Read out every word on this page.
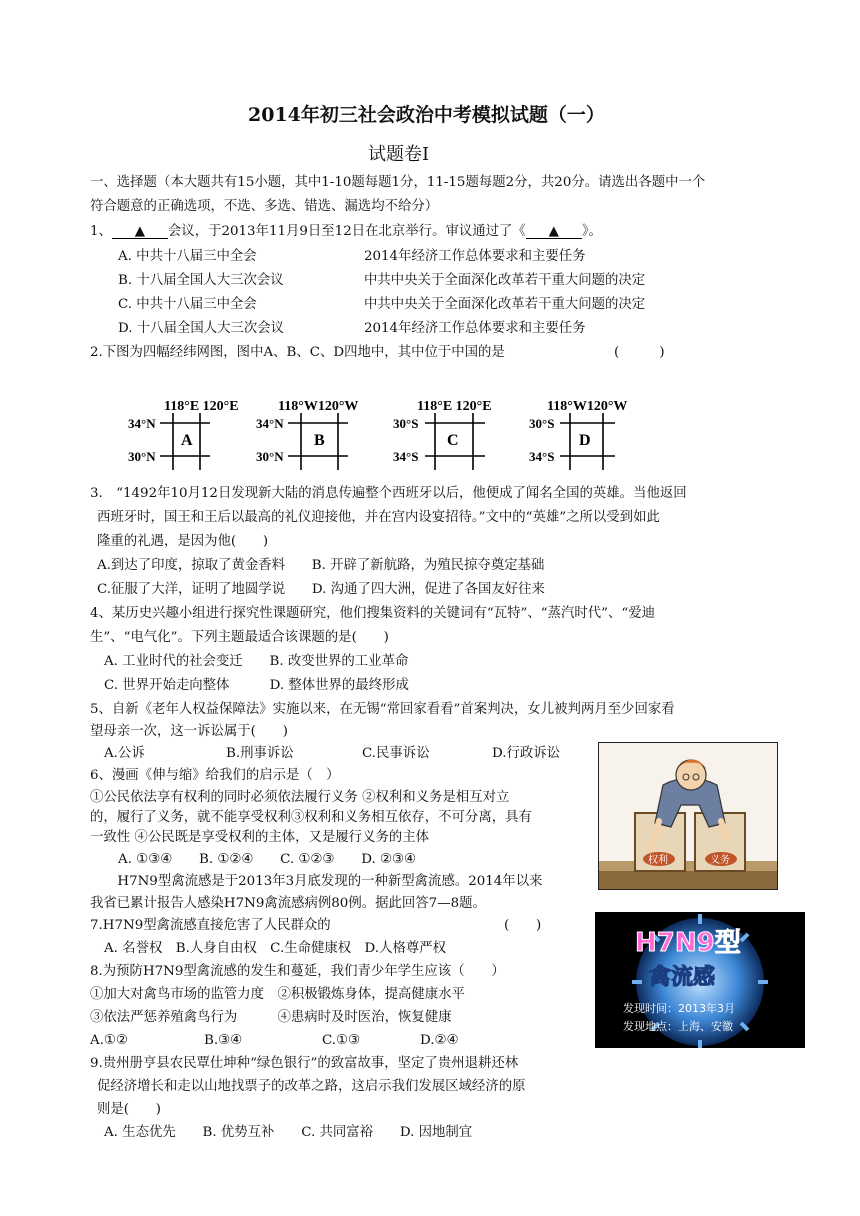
2014年初三社会政治中考模拟试题（一）
试题卷Ⅰ
一、选择题（本大题共有15小题，其中1-10题每题1分，11-15题每题2分，共20分。请选出各题中一个
符合题意的正确选项，不选、多选、错选、漏选均不给分）
1、 ▲ 会议，于2013年11月9日至12日在北京举行。审议通过了《 ▲ 》。
A. 中共十八届三中全会	2014年经济工作总体要求和主要任务
B. 十八届全国人大三次会议	中共中央关于全面深化改革若干重大问题的决定
C. 中共十八届三中全会	中共中央关于全面深化改革若干重大问题的决定
D. 十八届全国人大三次会议	2014年经济工作总体要求和主要任务
2.下图为四幅经纬网图，图中A、B、C、D四地中，其中位于中国的是	(　　　)
118°E 120°E
34°N
30°N
A
118°W120°W
34°N
30°N
B
118°E 120°E
30°S
34°S
C
118°W120°W
30°S
34°S
D
3.　“1492年10月12日发现新大陆的消息传遍整个西班牙以后，他便成了闻名全国的英雄。当他返回
西班牙时，国王和王后以最高的礼仪迎接他，并在宫内设宴招待。”文中的“英雄”之所以受到如此
隆重的礼遇，是因为他(　　)
A.到达了印度，掠取了黄金香料　　B. 开辟了新航路，为殖民掠夺奠定基础
C.征服了大洋，证明了地圆学说　　D. 沟通了四大洲，促进了各国友好往来
4、某历史兴趣小组进行探究性课题研究，他们搜集资料的关键词有“瓦特”、“蒸汽时代”、“爱迪
生”、“电气化”。下列主题最适合该课题的是(　　)
A. 工业时代的社会变迁　　B. 改变世界的工业革命
C. 世界开始走向整体　　　D. 整体世界的最终形成
5、自新《老年人权益保障法》实施以来，在无锡“常回家看看”首案判决，女儿被判两月至少回家看
望母亲一次，这一诉讼属于(　　)
A.公诉	B.刑事诉讼	C.民事诉讼	D.行政诉讼
6、漫画《伸与缩》给我们的启示是（　）
①公民依法享有权利的同时必须依法履行义务 ②权利和义务是相互对立
的，履行了义务，就不能享受权利③权利和义务相互依存，不可分离，具有
一致性 ④公民既是享受权利的主体，又是履行义务的主体
A. ①③④　　B. ①②④　　C. ①②③　　D. ②③④
　H7N9型禽流感是于2013年3月底发现的一种新型禽流感。2014年以来
我省已累计报告人感染H7N9禽流感病例80例。据此回答7—8题。
7.H7N9型禽流感直接危害了人民群众的	(　　)
A. 名誉权　B.人身自由权　C.生命健康权　D.人格尊严权
8.为预防H7N9型禽流感的发生和蔓延，我们青少年学生应该（　　）
①加大对禽鸟市场的监管力度　②积极锻炼身体，提高健康水平
③依法严惩养殖禽鸟行为　　　④患病时及时医治，恢复健康
A.①②	B.③④	C.①③	D.②④
9.贵州册亨县农民覃仕坤种“绿色银行”的致富故事，坚定了贵州退耕还林
促经济增长和走以山地找票子的改革之路，这启示我们发展区域经济的原
则是(　　)
A. 生态优先　　B. 优势互补　　C. 共同富裕　　D. 因地制宜
权利	义务
H7N9型
禽流感
发现时间：2013年3月
发现地点：上海、安徽
